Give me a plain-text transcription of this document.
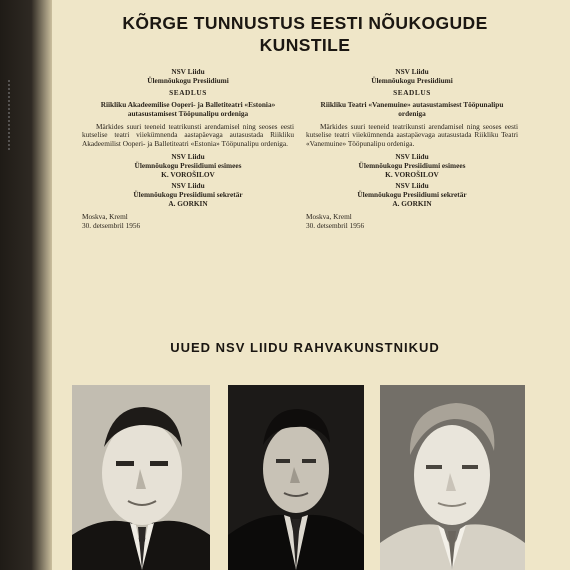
KÕRGE TUNNUSTUS EESTI NÕUKOGUDE
KUNSTILE
NSV Liidu
Ülemnõukogu Presiidiumi
SEADLUS
Riikliku Akadeemilise Ooperi- ja Balletiteatri «Estonia» autasustamisest Tööpunalipu ordeniga
Märkides suuri teeneid teatrikunsti arendamisel ning seoses eesti kutselise teatri viiekümnenda aastapäevaga autasustada Riikliku Akadeemilist Ooperi- ja Balletiteatri «Estonia» Tööpunalipu ordeniga.
NSV Liidu
Ülemnõukogu Presiidiumi esimees
K. VOROŠILOV
NSV Liidu
Ülemnõukogu Presiidiumi sekretär
A. GORKIN
Moskva, Kreml
30. detsembril 1956
NSV Liidu
Ülemnõukogu Presiidiumi
SEADLUS
Riikliku Teatri «Vanemuine» autasustamisest Tööpunalipu ordeniga
Märkides suuri teeneid teatrikunsti arendamisel ning seoses eesti kutselise teatri viiekümnenda aastapäevaga autasustada Riikliku Teatri «Vanemuine» Tööpunalipu ordeniga.
NSV Liidu
Ülemnõukogu Presiidiumi esimees
K. VOROŠILOV
NSV Liidu
Ülemnõukogu Presiidiumi sekretär
A. GORKIN
Moskva, Kreml
30. detsembril 1956
UUED NSV LIIDU RAHVAKUNSTNIKUD
